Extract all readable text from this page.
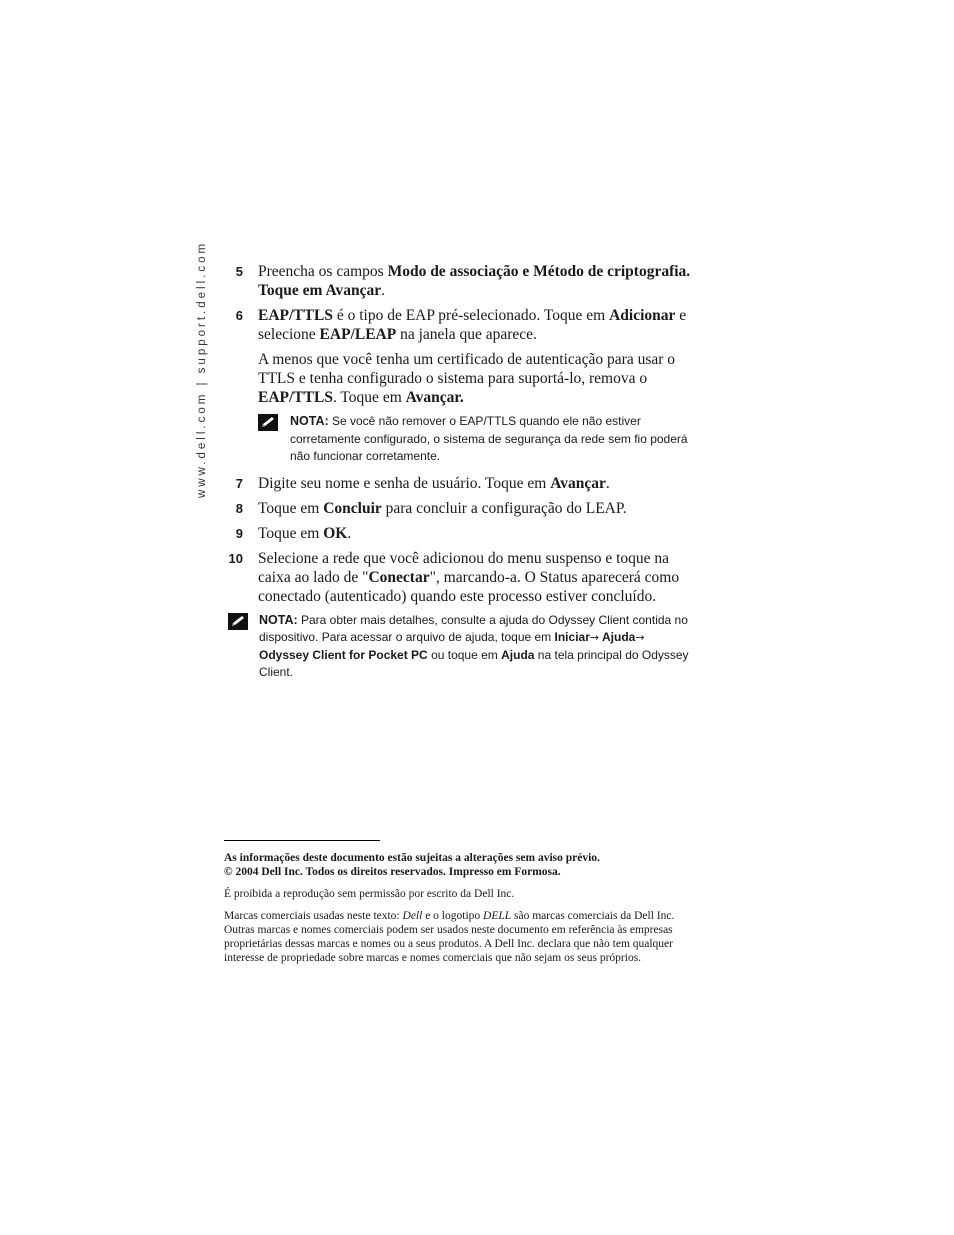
www.dell.com | support.dell.com	5 Preencha os campos Modo de associação e Método de criptografia. Toque em Avançar.
6 EAP/TTLS é o tipo de EAP pré-selecionado. Toque em Adicionar e selecione EAP/LEAP na janela que aparece.
A menos que você tenha um certificado de autenticação para usar o TTLS e tenha configurado o sistema para suportá-lo, remova o EAP/TTLS. Toque em Avançar.
NOTA: Se você não remover o EAP/TTLS quando ele não estiver corretamente configurado, o sistema de segurança da rede sem fio poderá não funcionar corretamente.
7 Digite seu nome e senha de usuário. Toque em Avançar.
8 Toque em Concluir para concluir a configuração do LEAP.
9 Toque em OK.
10 Selecione a rede que você adicionou do menu suspenso e toque na caixa ao lado de "Conectar", marcando-a. O Status aparecerá como conectado (autenticado) quando este processo estiver concluído.
NOTA: Para obter mais detalhes, consulte a ajuda do Odyssey Client contida no dispositivo. Para acessar o arquivo de ajuda, toque em Iniciar→ Ajuda→ Odyssey Client for Pocket PC ou toque em Ajuda na tela principal do Odyssey Client.

As informações deste documento estão sujeitas a alterações sem aviso prévio.
© 2004 Dell Inc. Todos os direitos reservados. Impresso em Formosa.

É proibida a reprodução sem permissão por escrito da Dell Inc.

Marcas comerciais usadas neste texto: Dell e o logotipo DELL são marcas comerciais da Dell Inc. Outras marcas e nomes comerciais podem ser usados neste documento em referência às empresas proprietárias dessas marcas e nomes ou a seus produtos. A Dell Inc. declara que não tem qualquer interesse de propriedade sobre marcas e nomes comerciais que não sejam os seus próprios.
